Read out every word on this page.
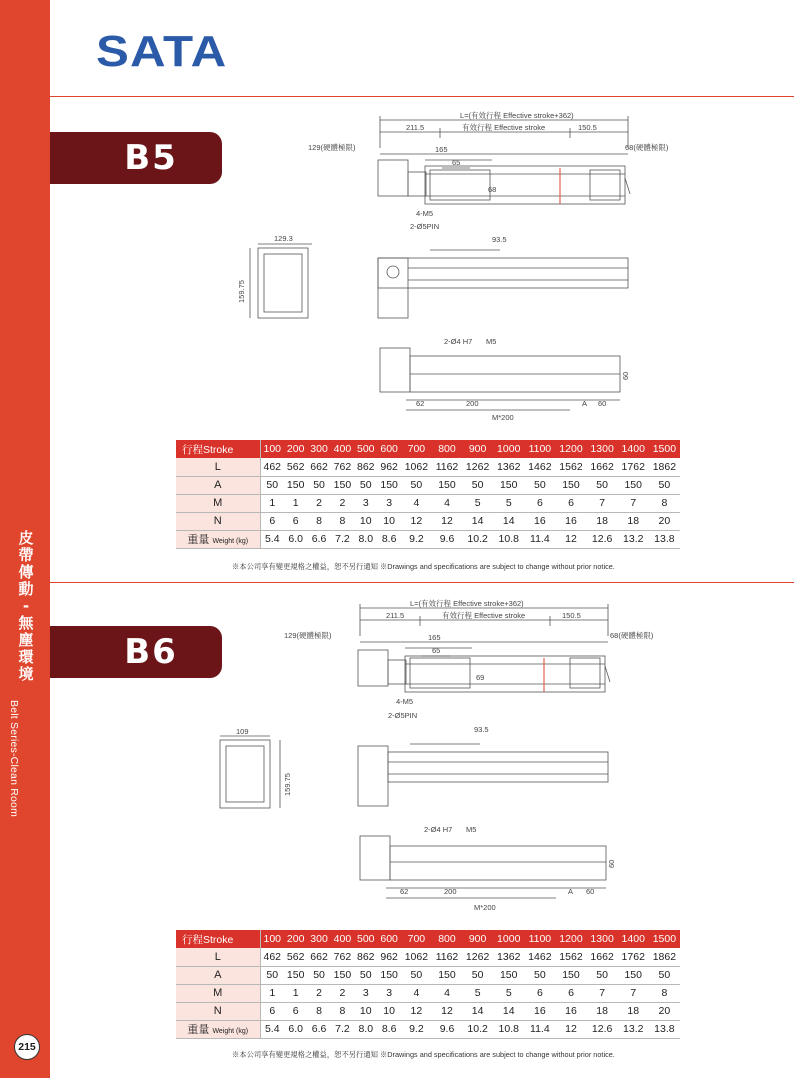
皮
帶
傳
動
-
無
塵
環
境
Belt Series-Clean Room
215
SATA
B5
L=(有效行程 Effective stroke+362)
211.5	有效行程 Effective stroke	150.5
129(硬體極限)	68(硬體極限)
165
65
68
4-M5
2-Ø5PIN
129.3
159.75
93.5
2-Ø4 H7 M5
62	200	A 60
M*200
60
行程Stroke	100	200	300	400	500	600	700	800	900	1000	1100	1200	1300	1400	1500
L	462	562	662	762	862	962	1062	1162	1262	1362	1462	1562	1662	1762	1862
A	50	150	50	150	50	150	50	150	50	150	50	150	50	150	50
M	1	1	2	2	3	3	4	4	5	5	6	6	7	7	8
N	6	6	8	8	10	10	12	12	14	14	16	16	18	18	20
重量 Weight (kg)	5.4	6.0	6.6	7.2	8.0	8.6	9.2	9.6	10.2	10.8	11.4	12	12.6	13.2	13.8
※本公司享有變更規格之權益，恕不另行通知 ※Drawings and specifications are subject to change without prior notice.
B6
L=(有效行程 Effective stroke+362)
211.5	有效行程 Effective stroke	150.5
129(硬體極限)	68(硬體極限)
165
65
69
4-M5
2-Ø5PIN
109
159.75
93.5
2-Ø4 H7 M5
62	200	A 60
M*200
60
行程Stroke	100	200	300	400	500	600	700	800	900	1000	1100	1200	1300	1400	1500
L	462	562	662	762	862	962	1062	1162	1262	1362	1462	1562	1662	1762	1862
A	50	150	50	150	50	150	50	150	50	150	50	150	50	150	50
M	1	1	2	2	3	3	4	4	5	5	6	6	7	7	8
N	6	6	8	8	10	10	12	12	14	14	16	16	18	18	20
重量 Weight (kg)	5.4	6.0	6.6	7.2	8.0	8.6	9.2	9.6	10.2	10.8	11.4	12	12.6	13.2	13.8
※本公司享有變更規格之權益，恕不另行通知 ※Drawings and specifications are subject to change without prior notice.
